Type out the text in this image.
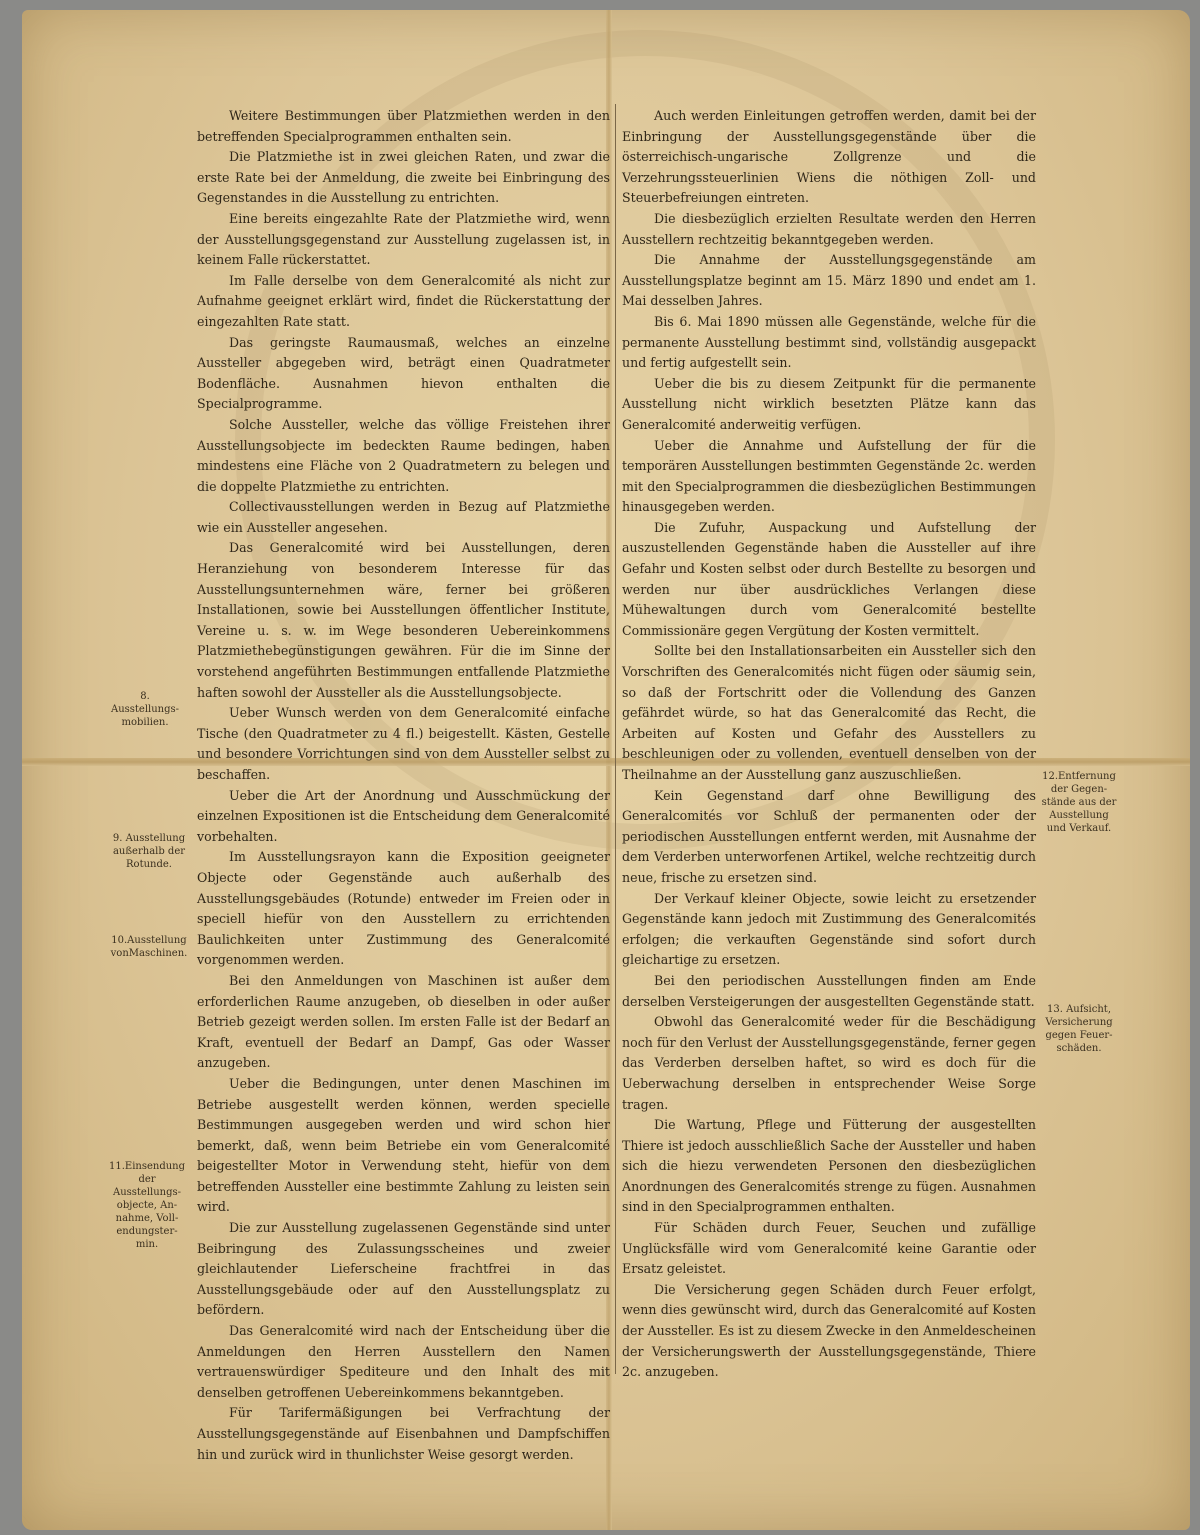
Weitere Bestimmungen über Platzmiethen werden in den betreffenden Specialprogrammen enthalten sein.

Die Platzmiethe ist in zwei gleichen Raten, und zwar die erste Rate bei der Anmeldung, die zweite bei Einbringung des Gegenstandes in die Ausstellung zu entrichten.

Eine bereits eingezahlte Rate der Platzmiethe wird, wenn der Ausstellungsgegenstand zur Ausstellung zugelassen ist, in keinem Falle rückerstattet.

Im Falle derselbe von dem Generalcomité als nicht zur Aufnahme geeignet erklärt wird, findet die Rückerstattung der eingezahlten Rate statt.

Das geringste Raumausmaß, welches an einzelne Aussteller abgegeben wird, beträgt einen Quadratmeter Bodenfläche. Ausnahmen hievon enthalten die Specialprogramme.

Solche Aussteller, welche das völlige Freistehen ihrer Ausstellungsobjecte im bedeckten Raume bedingen, haben mindestens eine Fläche von 2 Quadratmetern zu belegen und die doppelte Platzmiethe zu entrichten.

Collectivausstellungen werden in Bezug auf Platzmiethe wie ein Aussteller angesehen.

Das Generalcomité wird bei Ausstellungen, deren Heranziehung von besonderem Interesse für das Ausstellungsunternehmen wäre, ferner bei größeren Installationen, sowie bei Ausstellungen öffentlicher Institute, Vereine u. s. w. im Wege besonderen Uebereinkommens Platzmiethebegünstigungen gewähren. Für die im Sinne der vorstehend angeführten Bestimmungen entfallende Platzmiethe haften sowohl der Aussteller als die Ausstellungsobjecte.

Ueber Wunsch werden von dem Generalcomité einfache Tische (den Quadratmeter zu 4 fl.) beigestellt. Kästen, Gestelle und besondere Vorrichtungen sind von dem Aussteller selbst zu beschaffen.

Ueber die Art der Anordnung und Ausschmückung der einzelnen Expositionen ist die Entscheidung dem Generalcomité vorbehalten.

Im Ausstellungsrayon kann die Exposition geeigneter Objecte oder Gegenstände auch außerhalb des Ausstellungsgebäudes (Rotunde) entweder im Freien oder in speciell hiefür von den Ausstellern zu errichtenden Baulichkeiten unter Zustimmung des Generalcomité vorgenommen werden.

Bei den Anmeldungen von Maschinen ist außer dem erforderlichen Raume anzugeben, ob dieselben in oder außer Betrieb gezeigt werden sollen. Im ersten Falle ist der Bedarf an Kraft, eventuell der Bedarf an Dampf, Gas oder Wasser anzugeben.

Ueber die Bedingungen, unter denen Maschinen im Betriebe ausgestellt werden können, werden specielle Bestimmungen ausgegeben werden und wird schon hier bemerkt, daß, wenn beim Betriebe ein vom Generalcomité beigestellter Motor in Verwendung steht, hiefür von dem betreffenden Aussteller eine bestimmte Zahlung zu leisten sein wird.

Die zur Ausstellung zugelassenen Gegenstände sind unter Beibringung des Zulassungsscheines und zweier gleichlautender Lieferscheine frachtfrei in das Ausstellungsgebäude oder auf den Ausstellungsplatz zu befördern.

Das Generalcomité wird nach der Entscheidung über die Anmeldungen den Herren Ausstellern den Namen vertrauenswürdiger Spediteure und den Inhalt des mit denselben getroffenen Uebereinkommens bekanntgeben.

Für Tarifermäßigungen bei Verfrachtung der Ausstellungsgegenstände auf Eisenbahnen und Dampfschiffen hin und zurück wird in thunlichster Weise gesorgt werden.

Auch werden Einleitungen getroffen werden, damit bei der Einbringung der Ausstellungsgegenstände über die österreichisch-ungarische Zollgrenze und die Verzehrungssteuerlinien Wiens die nöthigen Zoll- und Steuerbefreiungen eintreten.

Die diesbezüglich erzielten Resultate werden den Herren Ausstellern rechtzeitig bekanntgegeben werden.

Die Annahme der Ausstellungsgegenstände am Ausstellungsplatze beginnt am 15. März 1890 und endet am 1. Mai desselben Jahres.

Bis 6. Mai 1890 müssen alle Gegenstände, welche für die permanente Ausstellung bestimmt sind, vollständig ausgepackt und fertig aufgestellt sein.

Ueber die bis zu diesem Zeitpunkt für die permanente Ausstellung nicht wirklich besetzten Plätze kann das Generalcomité anderweitig verfügen.

Ueber die Annahme und Aufstellung der für die temporären Ausstellungen bestimmten Gegenstände 2c. werden mit den Specialprogrammen die diesbezüglichen Bestimmungen hinausgegeben werden.

Die Zufuhr, Auspackung und Aufstellung der auszustellenden Gegenstände haben die Aussteller auf ihre Gefahr und Kosten selbst oder durch Bestellte zu besorgen und werden nur über ausdrückliches Verlangen diese Mühewaltungen durch vom Generalcomité bestellte Commissionäre gegen Vergütung der Kosten vermittelt.

Sollte bei den Installationsarbeiten ein Aussteller sich den Vorschriften des Generalcomités nicht fügen oder säumig sein, so daß der Fortschritt oder die Vollendung des Ganzen gefährdet würde, so hat das Generalcomité das Recht, die Arbeiten auf Kosten und Gefahr des Ausstellers zu beschleunigen oder zu vollenden, eventuell denselben von der Theilnahme an der Ausstellung ganz auszuschließen.

Kein Gegenstand darf ohne Bewilligung des Generalcomités vor Schluß der permanenten oder der periodischen Ausstellungen entfernt werden, mit Ausnahme der dem Verderben unterworfenen Artikel, welche rechtzeitig durch neue, frische zu ersetzen sind.

Der Verkauf kleiner Objecte, sowie leicht zu ersetzender Gegenstände kann jedoch mit Zustimmung des Generalcomités erfolgen; die verkauften Gegenstände sind sofort durch gleichartige zu ersetzen.

Bei den periodischen Ausstellungen finden am Ende derselben Versteigerungen der ausgestellten Gegenstände statt.

Obwohl das Generalcomité weder für die Beschädigung noch für den Verlust der Ausstellungsgegenstände, ferner gegen das Verderben derselben haftet, so wird es doch für die Ueberwachung derselben in entsprechender Weise Sorge tragen.

Die Wartung, Pflege und Fütterung der ausgestellten Thiere ist jedoch ausschließlich Sache der Aussteller und haben sich die hiezu verwendeten Personen den diesbezüglichen Anordnungen des Generalcomités strenge zu fügen. Ausnahmen sind in den Specialprogrammen enthalten.

Für Schäden durch Feuer, Seuchen und zufällige Unglücksfälle wird vom Generalcomité keine Garantie oder Ersatz geleistet.

Die Versicherung gegen Schäden durch Feuer erfolgt, wenn dies gewünscht wird, durch das Generalcomité auf Kosten der Aussteller. Es ist zu diesem Zwecke in den Anmeldescheinen der Versicherungswerth der Ausstellungsgegenstände, Thiere 2c. anzugeben.

8.
Ausstellungs-
mobilien.
9. Ausstellung
außerhalb der
Rotunde.
10.Ausstellung
vonMaschinen.
11.Einsendung
der
Ausstellungs-
objecte, An-
nahme, Voll-
endungster-
min.
12.Entfernung
der Gegen-
stände aus der
Ausstellung
und Verkauf.
13. Aufsicht,
Versicherung
gegen Feuer-
schäden.
